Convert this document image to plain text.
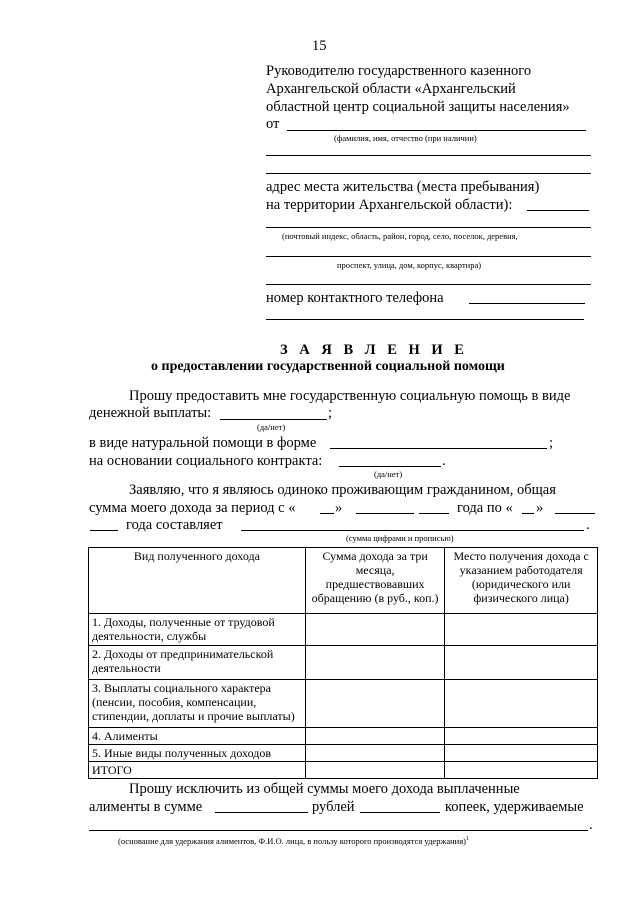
15
Руководителю государственного казенного
Архангельской области «Архангельский
областной центр социальной защиты населения»
от
(фамилия, имя, отчество (при наличии)
адрес места жительства (места пребывания)
на территории Архангельской области):
(почтовый индекс, область, район, город, село, поселок, деревня,
проспект, улица, дом, корпус, квартира)
номер контактного телефона
З А Я В Л Е Н И Е
о предоставлении государственной социальной помощи
Прошу предоставить мне государственную социальную помощь в виде
денежной выплаты:	;
(да/нет)
в виде натуральной помощи в форме	;
на основании социального контракта:	.
(да/нет)
Заявляю, что я являюсь одиноко проживающим гражданином, общая
сумма моего дохода за период с «	»	года по « »
года составляет	.
(сумма цифрами и прописью)
Вид полученного дохода	Сумма дохода за три месяца, предшествовавших обращению (в руб., коп.)	Место получения дохода с указанием работодателя (юридического или физического лица)
1. Доходы, полученные от трудовой деятельности, службы		
2. Доходы от предпринимательской деятельности		
3. Выплаты социального характера (пенсии, пособия, компенсации, стипендии, доплаты и прочие выплаты)		
4. Алименты		
5. Иные виды полученных доходов		
ИТОГО		
Прошу исключить из общей суммы моего дохода выплаченные
алименты в сумме	рублей	копеек, удерживаемые
.
(основание для удержания алиментов, Ф.И.О. лица, в пользу которого производятся удержания)$^1$
